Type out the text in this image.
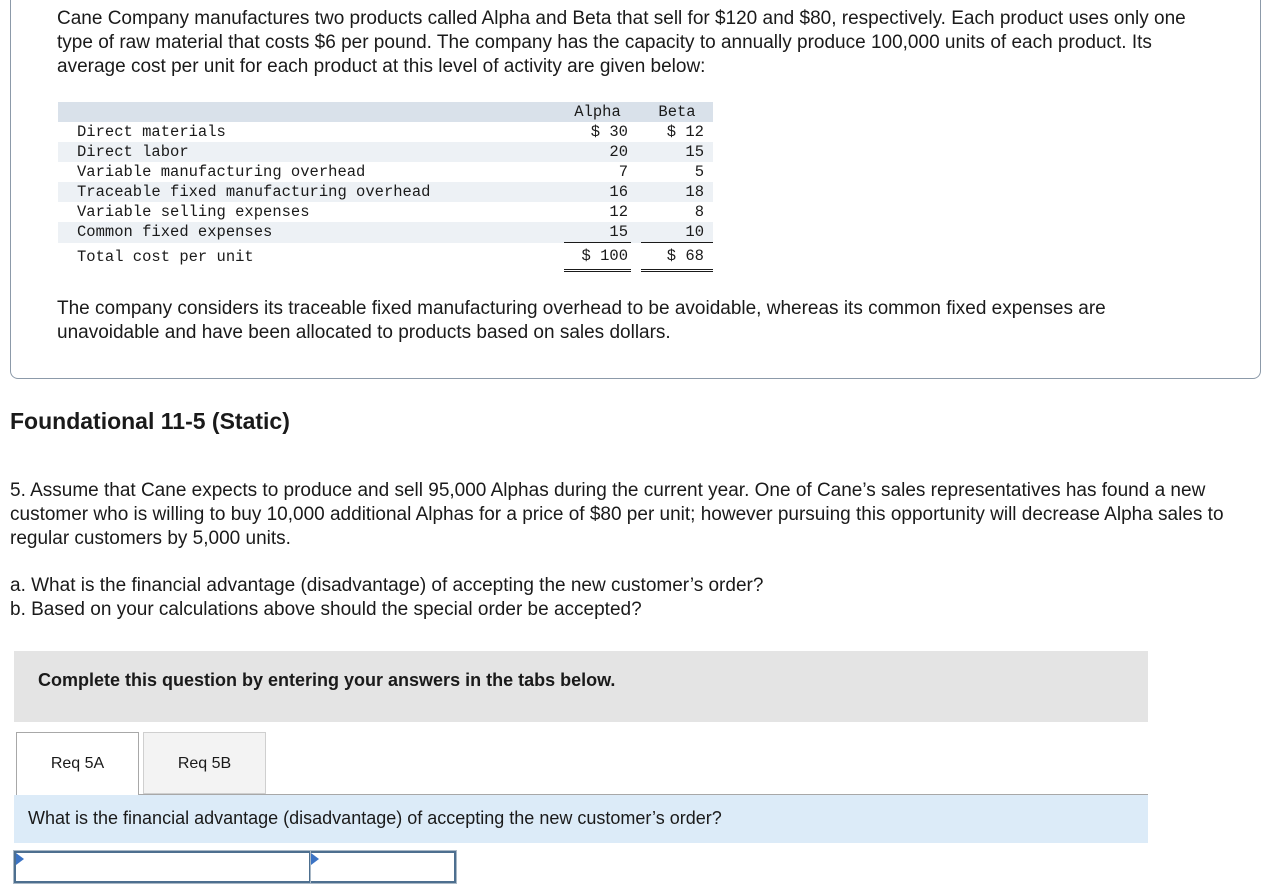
Cane Company manufactures two products called Alpha and Beta that sell for $120 and $80, respectively. Each product uses only one type of raw material that costs $6 per pound. The company has the capacity to annually produce 100,000 units of each product. Its average cost per unit for each product at this level of activity are given below:

	Alpha		Beta
Direct materials	$ 30		$ 12
Direct labor	20		15
Variable manufacturing overhead	7		5
Traceable fixed manufacturing overhead	16		18
Variable selling expenses	12		8
Common fixed expenses	15		10
Total cost per unit	$ 100		$ 68

The company considers its traceable fixed manufacturing overhead to be avoidable, whereas its common fixed expenses are unavoidable and have been allocated to products based on sales dollars.

Foundational 11-5 (Static)

5. Assume that Cane expects to produce and sell 95,000 Alphas during the current year. One of Cane’s sales representatives has found a new customer who is willing to buy 10,000 additional Alphas for a price of $80 per unit; however pursuing this opportunity will decrease Alpha sales to regular customers by 5,000 units.

a. What is the financial advantage (disadvantage) of accepting the new customer’s order?
b. Based on your calculations above should the special order be accepted?
Complete this question by entering your answers in the tabs below.
Req 5A	Req 5B
What is the financial advantage (disadvantage) of accepting the new customer’s order?
